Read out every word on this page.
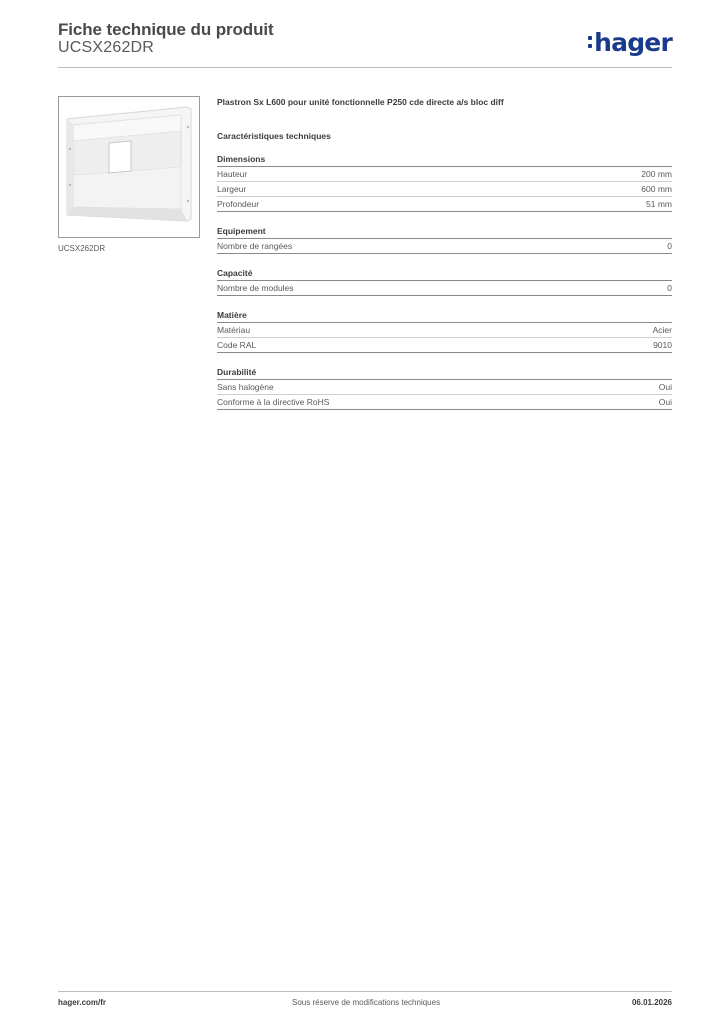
Fiche technique du produit
UCSX262DR	hager
UCSX262DR
Plastron Sx L600 pour unité fonctionnelle P250 cde directe a/s bloc diff
Caractéristiques techniques
Dimensions
Hauteur	200 mm
Largeur	600 mm
Profondeur	51 mm
Equipement
Nombre de rangées	0
Capacité
Nombre de modules	0
Matière
Matériau	Acier
Code RAL	9010
Durabilité
Sans halogène	Oui
Conforme à la directive RoHS	Oui
hager.com/fr	Sous réserve de modifications techniques	06.01.2026
